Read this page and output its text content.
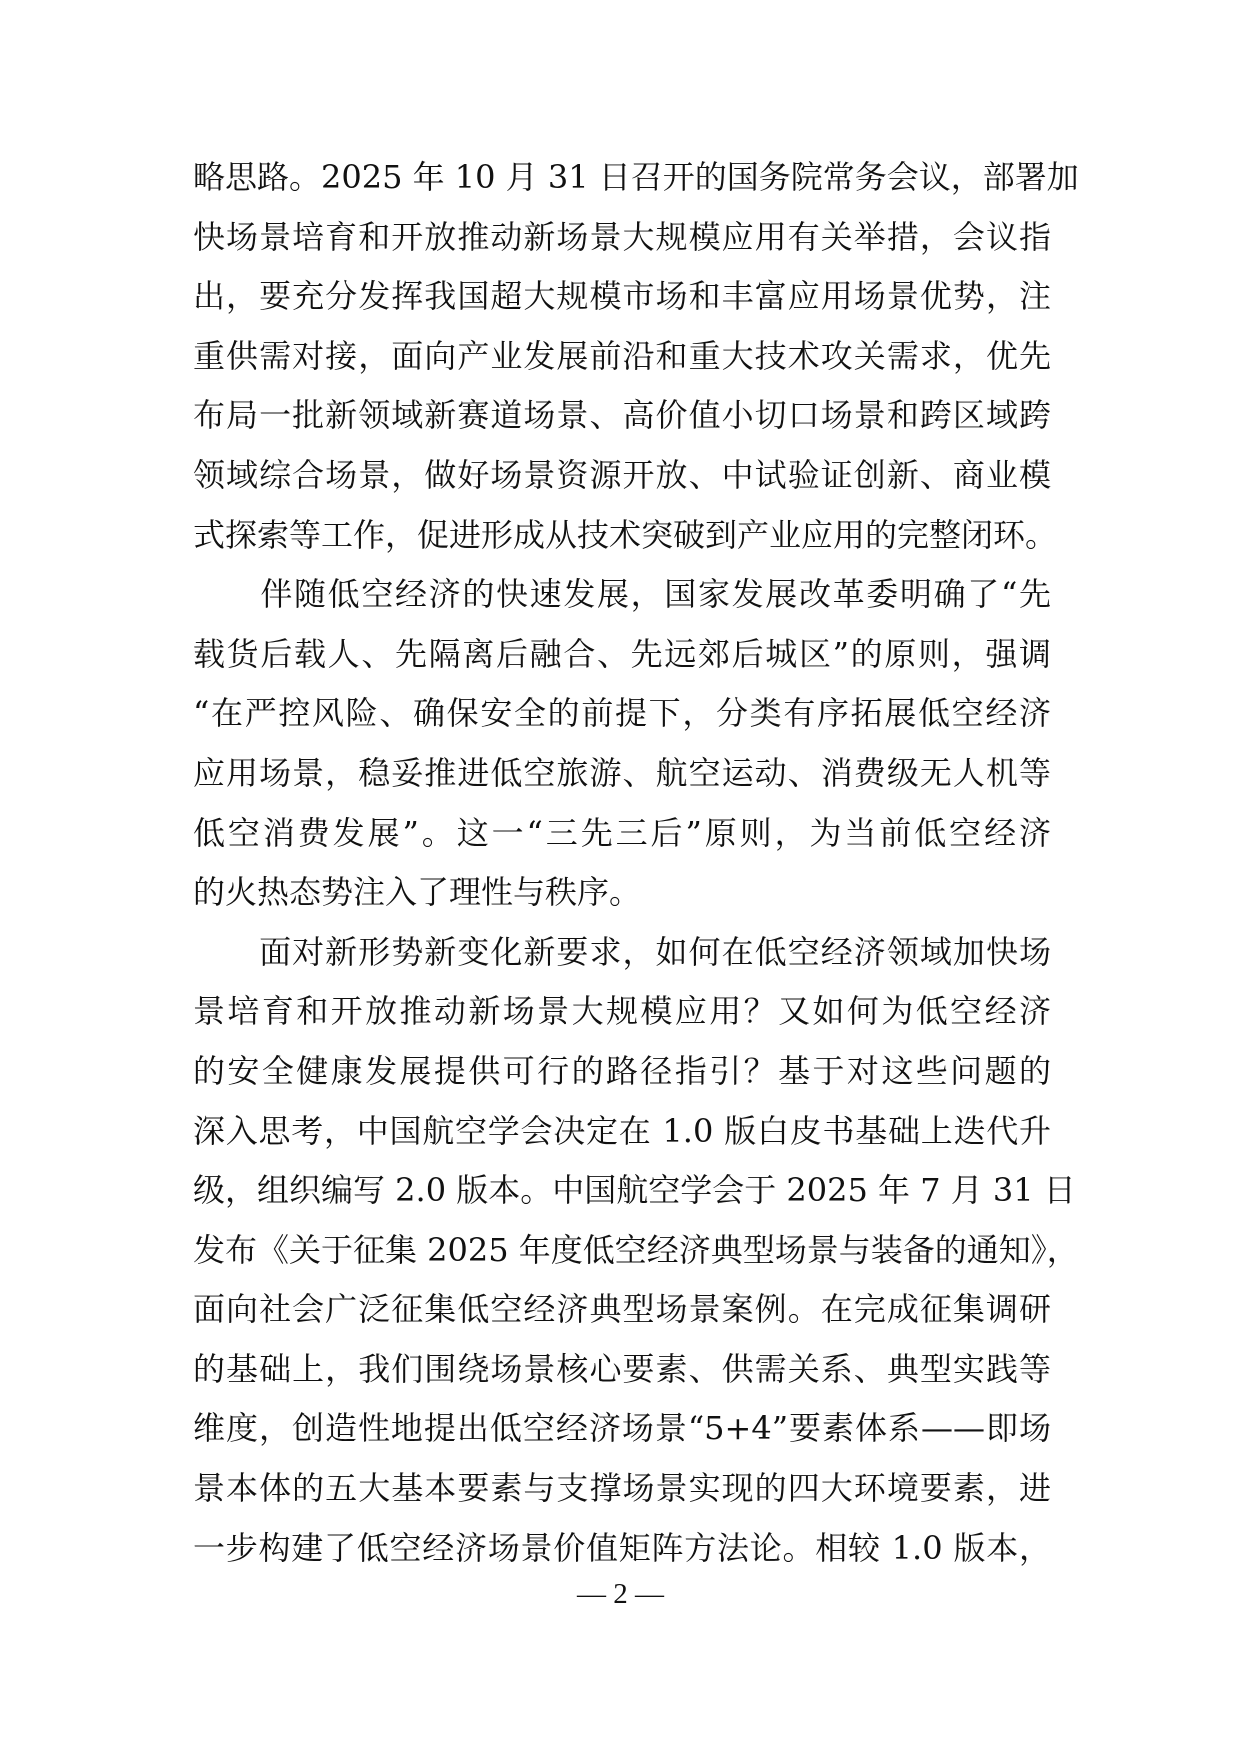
略思路。2025 年 10 月 31 日召开的国务院常务会议，部署加
快场景培育和开放推动新场景大规模应用有关举措，会议指
出，要充分发挥我国超大规模市场和丰富应用场景优势，注
重供需对接，面向产业发展前沿和重大技术攻关需求，优先
布局一批新领域新赛道场景、高价值小切口场景和跨区域跨
领域综合场景，做好场景资源开放、中试验证创新、商业模
式探索等工作，促进形成从技术突破到产业应用的完整闭环。
　　伴随低空经济的快速发展，国家发展改革委明确了“先
载货后载人、先隔离后融合、先远郊后城区”的原则，强调
“在严控风险、确保安全的前提下，分类有序拓展低空经济
应用场景，稳妥推进低空旅游、航空运动、消费级无人机等
低空消费发展”。这一“三先三后”原则，为当前低空经济
的火热态势注入了理性与秩序。
　　面对新形势新变化新要求，如何在低空经济领域加快场
景培育和开放推动新场景大规模应用？又如何为低空经济
的安全健康发展提供可行的路径指引？基于对这些问题的
深入思考，中国航空学会决定在 1.0 版白皮书基础上迭代升
级，组织编写 2.0 版本。中国航空学会于 2025 年 7 月 31 日
发布《关于征集 2025 年度低空经济典型场景与装备的通知》，
面向社会广泛征集低空经济典型场景案例。在完成征集调研
的基础上，我们围绕场景核心要素、供需关系、典型实践等
维度，创造性地提出低空经济场景“5+4”要素体系——即场
景本体的五大基本要素与支撑场景实现的四大环境要素，进
一步构建了低空经济场景价值矩阵方法论。相较 1.0 版本，
— 2 —
